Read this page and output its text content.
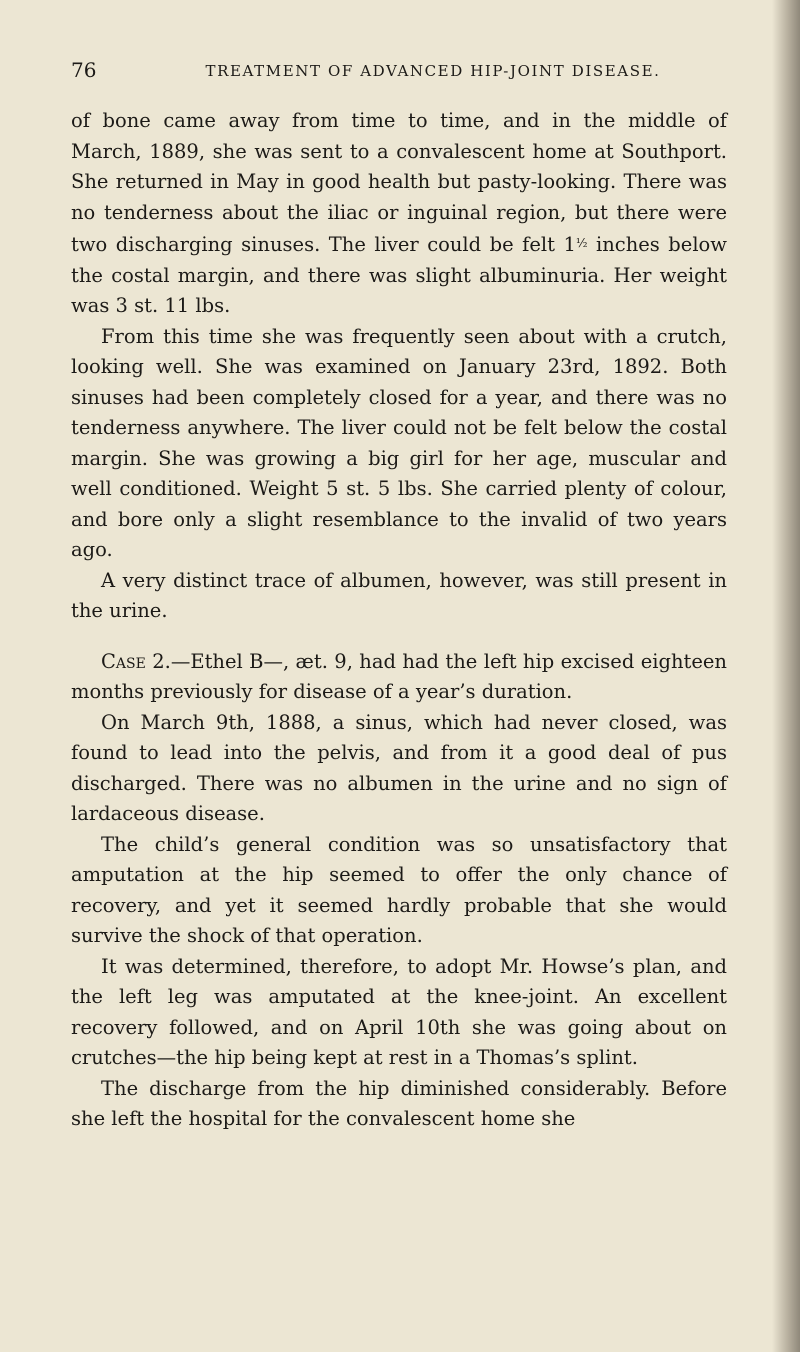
76	TREATMENT OF ADVANCED HIP-JOINT DISEASE.

of bone came away from time to time, and in the middle of March, 1889, she was sent to a convalescent home at Southport. She returned in May in good health but pasty-looking. There was no tenderness about the iliac or inguinal region, but there were two discharging sinuses. The liver could be felt $1^{\frac{1}{2}}$ inches below the costal margin, and there was slight albuminuria. Her weight was 3 st. 11 lbs.

From this time she was frequently seen about with a crutch, looking well. She was examined on January 23rd, 1892. Both sinuses had been completely closed for a year, and there was no tenderness anywhere. The liver could not be felt below the costal margin. She was growing a big girl for her age, muscular and well conditioned. Weight 5 st. 5 lbs. She carried plenty of colour, and bore only a slight resemblance to the invalid of two years ago.

A very distinct trace of albumen, however, was still present in the urine.

Case 2.—Ethel B—, æt. 9, had had the left hip excised eighteen months previously for disease of a year’s duration.

On March 9th, 1888, a sinus, which had never closed, was found to lead into the pelvis, and from it a good deal of pus discharged. There was no albumen in the urine and no sign of lardaceous disease.

The child’s general condition was so unsatisfactory that amputation at the hip seemed to offer the only chance of recovery, and yet it seemed hardly probable that she would survive the shock of that operation.

It was determined, therefore, to adopt Mr. Howse’s plan, and the left leg was amputated at the knee-joint. An excellent recovery followed, and on April 10th she was going about on crutches—the hip being kept at rest in a Thomas’s splint.

The discharge from the hip diminished considerably. Before she left the hospital for the convalescent home she
